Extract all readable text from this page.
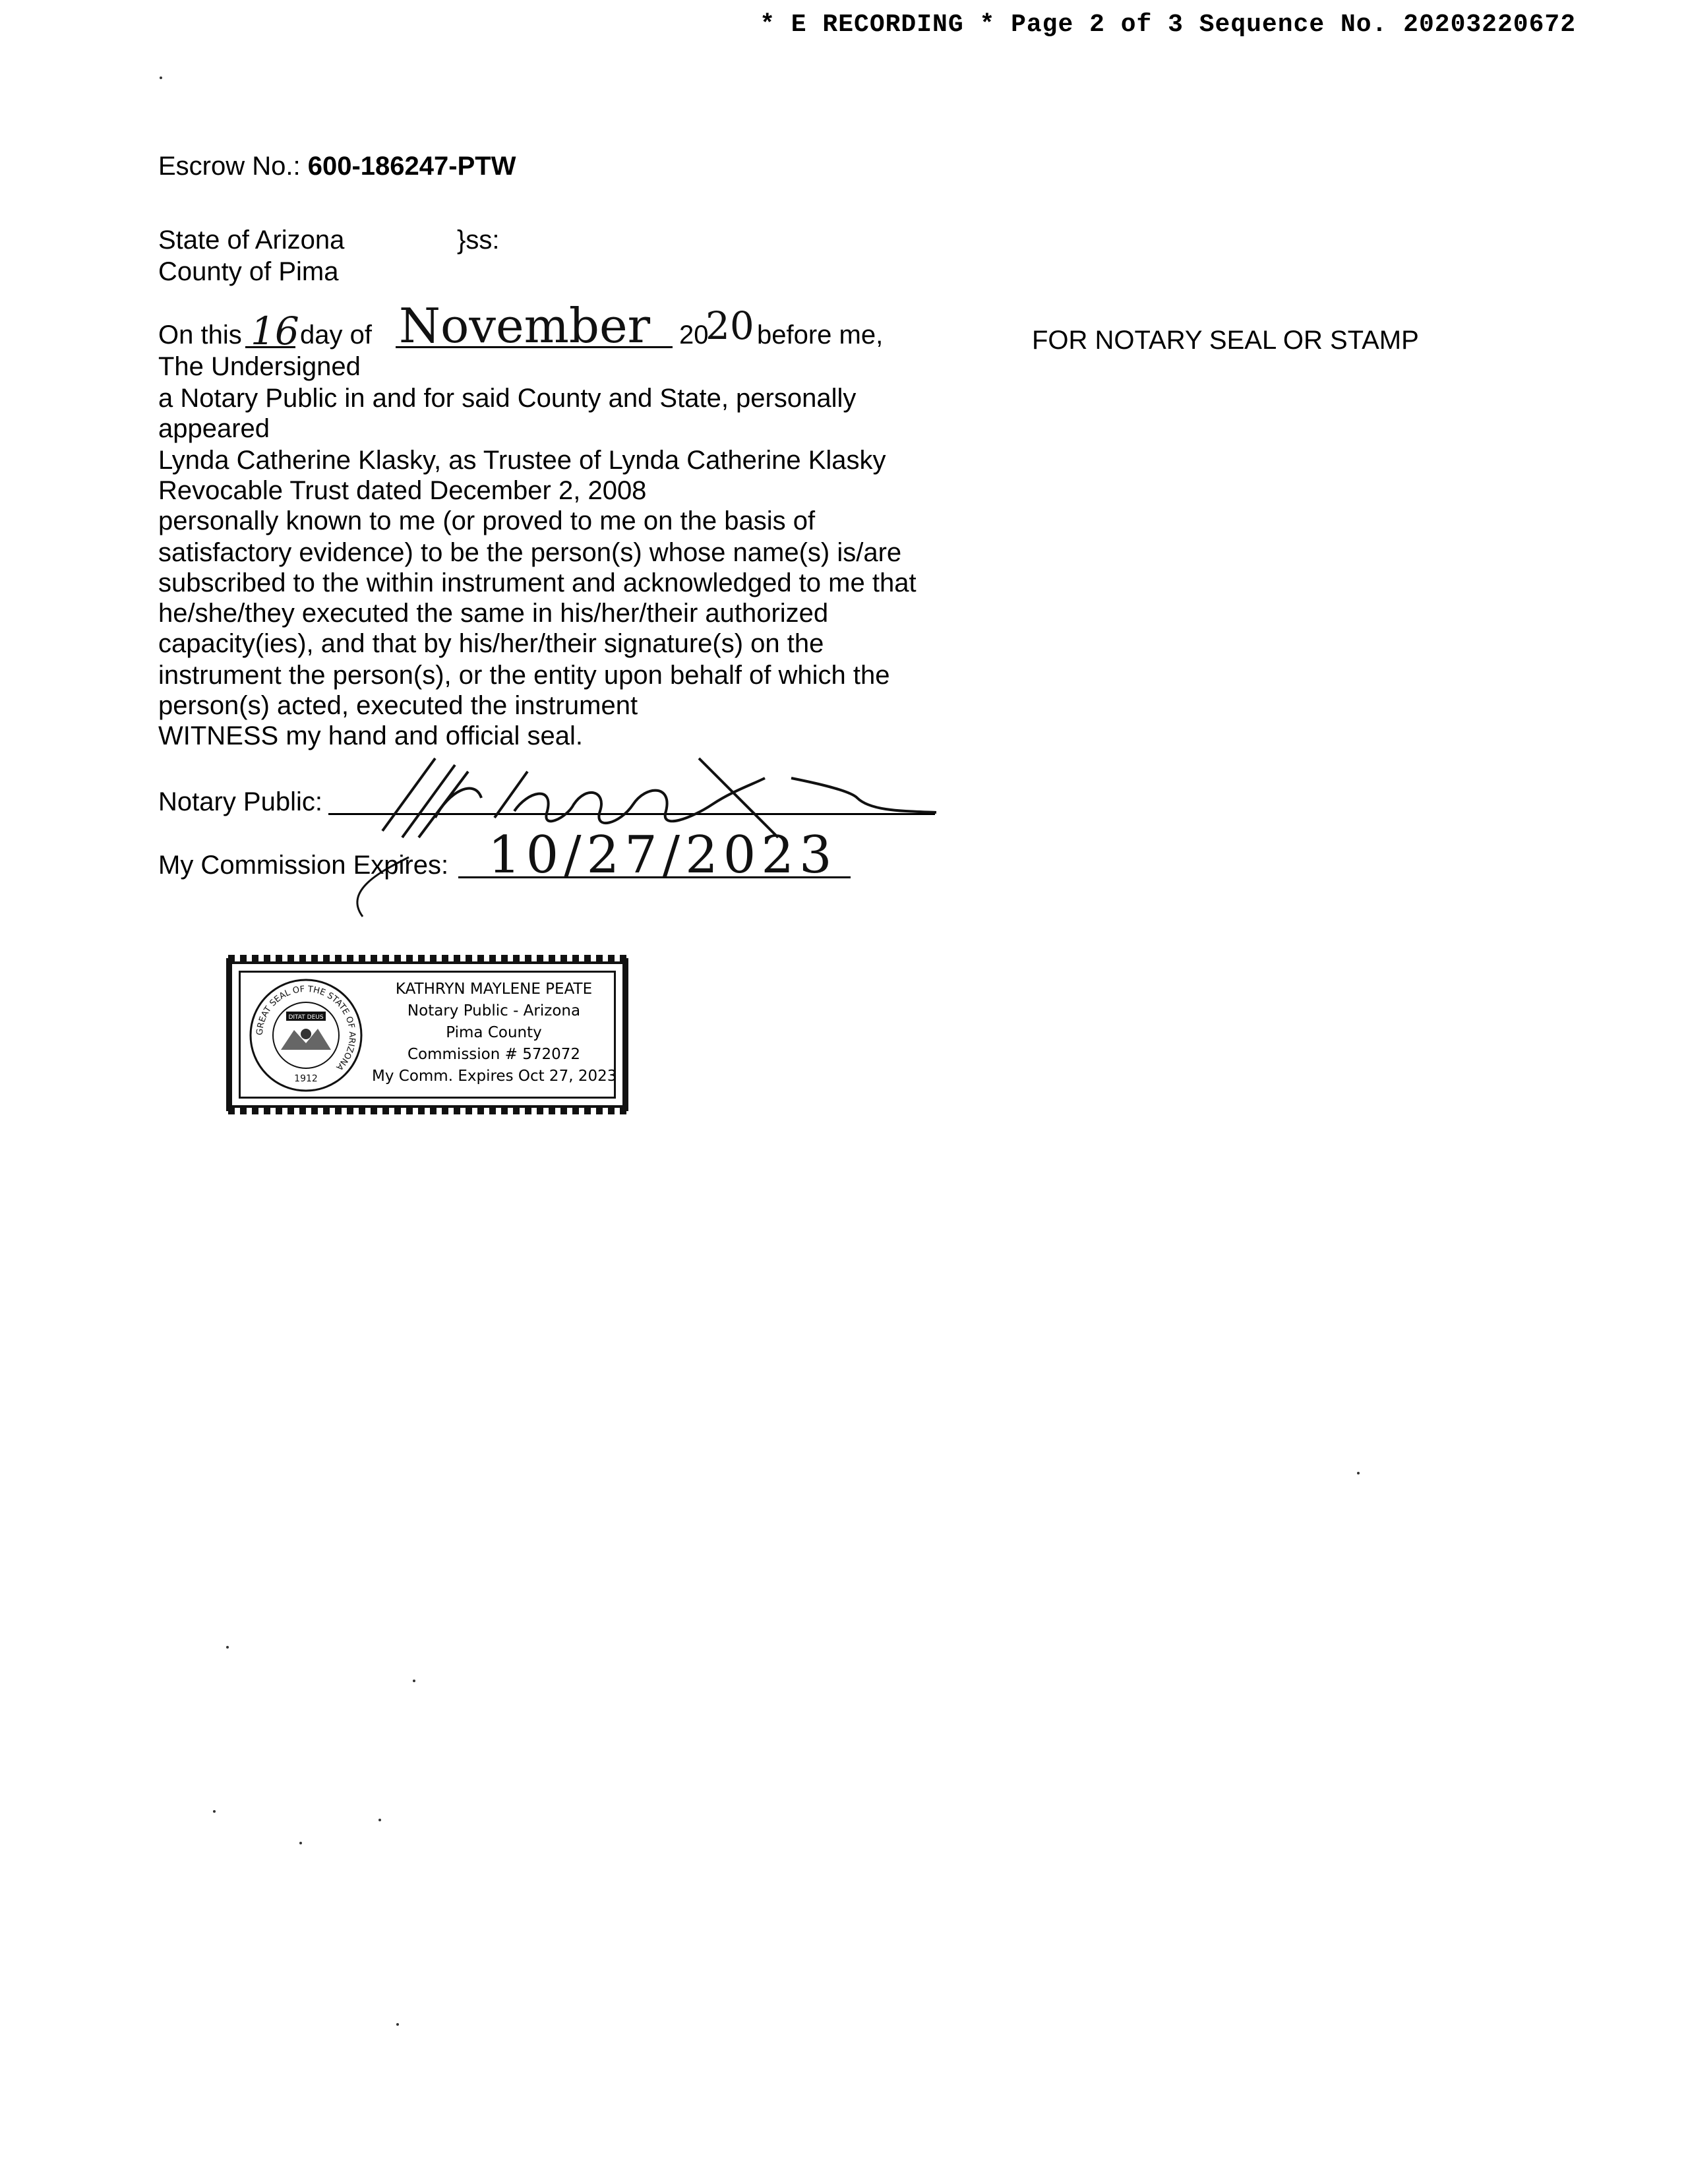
* E RECORDING * Page 2 of 3 Sequence No. 20203220672
Escrow No.: 600-186247-PTW
State of Arizona	}ss:
County of Pima
On this 16 day of November 20
20 before me,
The Undersigned
a Notary Public in and for said County and State, personally
appeared
Lynda Catherine Klasky, as Trustee of Lynda Catherine Klasky
Revocable Trust dated December 2, 2008
personally known to me (or proved to me on the basis of
satisfactory evidence) to be the person(s) whose name(s) is/are
subscribed to the within instrument and acknowledged to me that
he/she/they executed the same in his/her/their authorized
capacity(ies), and that by his/her/their signature(s) on the
instrument the person(s), or the entity upon behalf of which the
person(s) acted, executed the instrument
WITNESS my hand and official seal.
Notary Public:
My Commission Expires: 10/27/2023
FOR NOTARY SEAL OR STAMP
GREAT SEAL OF THE STATE OF ARIZONA
DITAT DEUS
1912
KATHRYN MAYLENE PEATE
Notary Public - Arizona
Pima County
Commission # 572072
My Comm. Expires Oct 27, 2023
